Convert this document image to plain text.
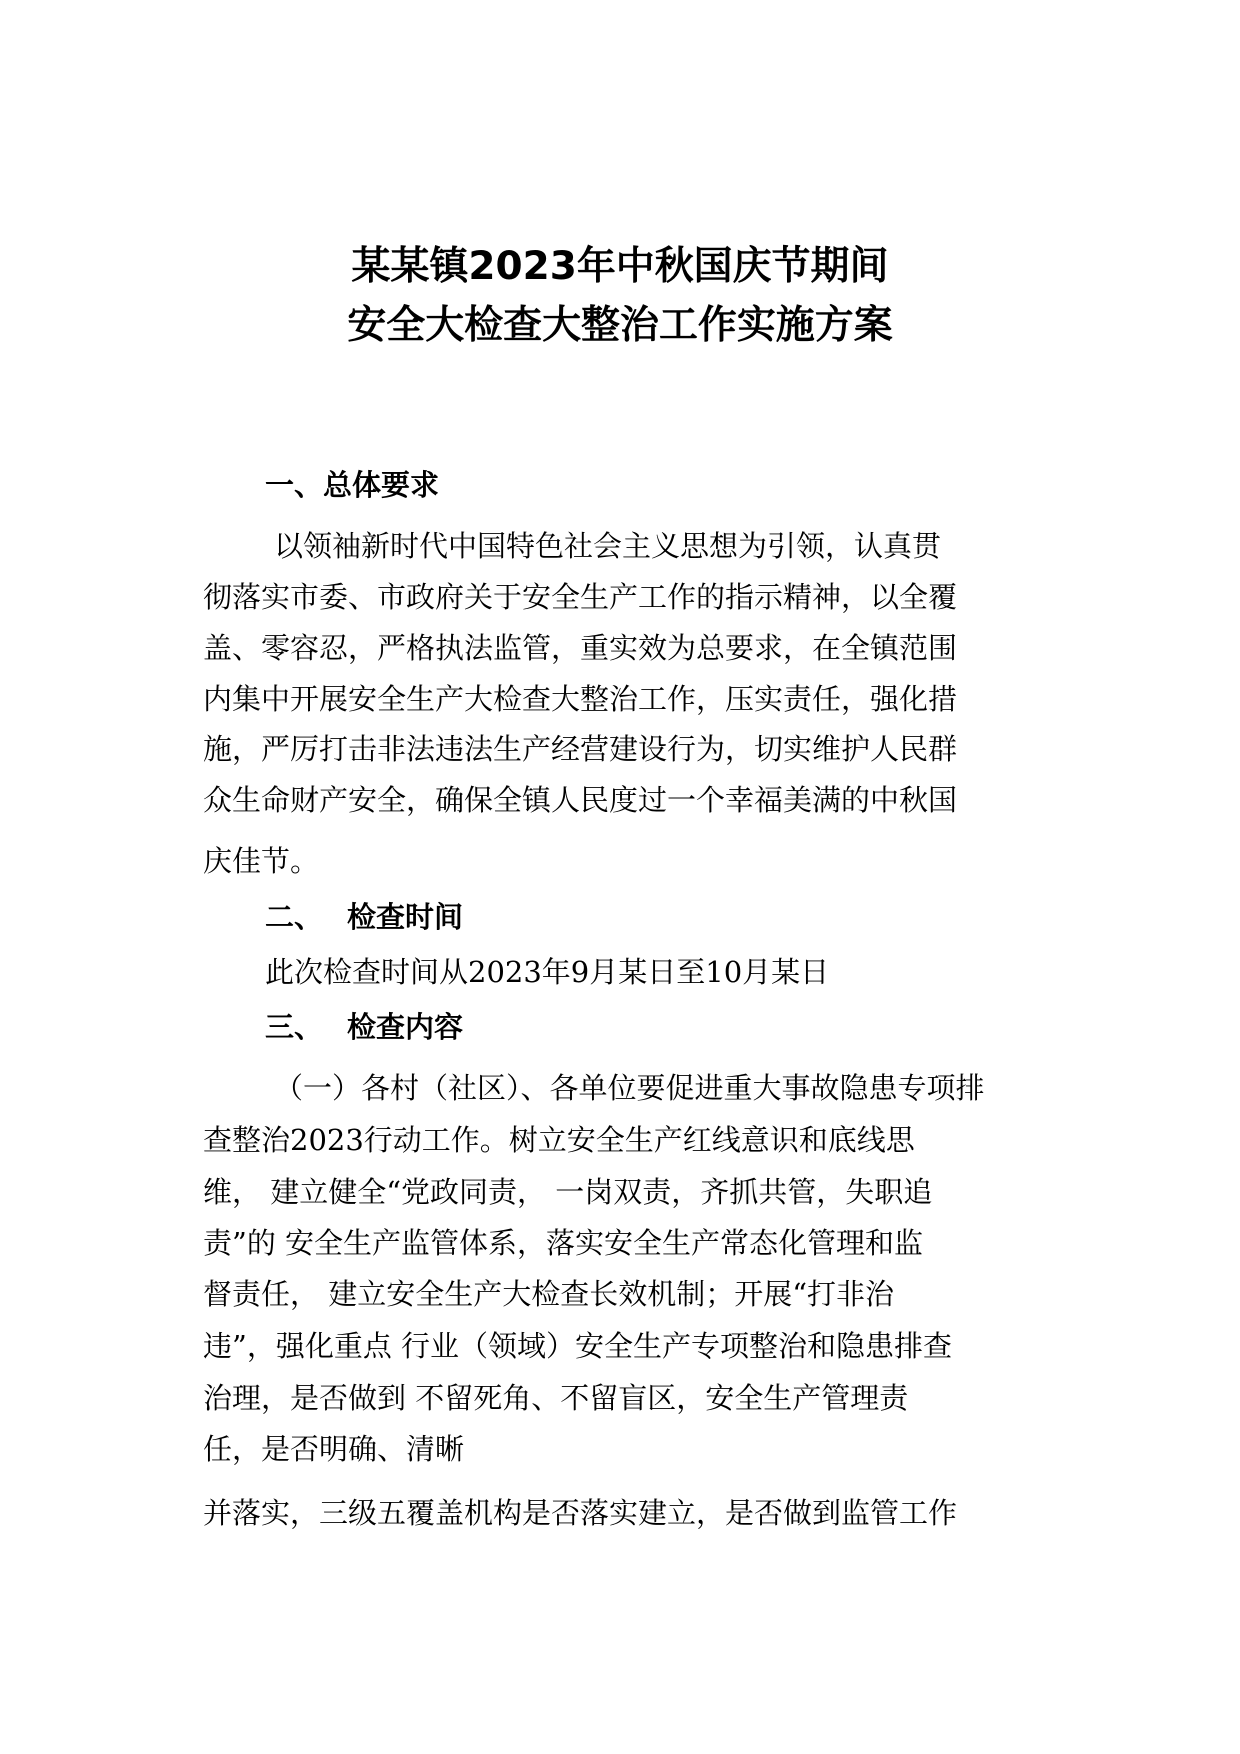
某某镇2023年中秋国庆节期间
安全大检查大整治工作实施方案
一、总体要求

以领袖新时代中国特色社会主义思想为引领，认真贯

彻落实市委、市政府关于安全生产工作的指示精神，以全覆

盖、零容忍，严格执法监管，重实效为总要求，在全镇范围

内集中开展安全生产大检查大整治工作，压实责任，强化措

施，严厉打击非法违法生产经营建设行为，切实维护人民群

众生命财产安全，确保全镇人民度过一个幸福美满的中秋国

庆佳节。

二、 检查时间

此次检查时间从2023年9月某日至10月某日

三、 检查内容

（一）各村（社区）、各单位要促进重大事故隐患专项排

查整治2023行动工作。树立安全生产红线意识和底线思

维， 建立健全“党政同责， 一岗双责，齐抓共管，失职追

责”的 安全生产监管体系，落实安全生产常态化管理和监

督责任， 建立安全生产大检查长效机制；开展“打非治

违”，强化重点 行业（领域）安全生产专项整治和隐患排查

治理，是否做到 不留死角、不留盲区，安全生产管理责

任，是否明确、清晰

并落实，三级五覆盖机构是否落实建立，是否做到监管工作
